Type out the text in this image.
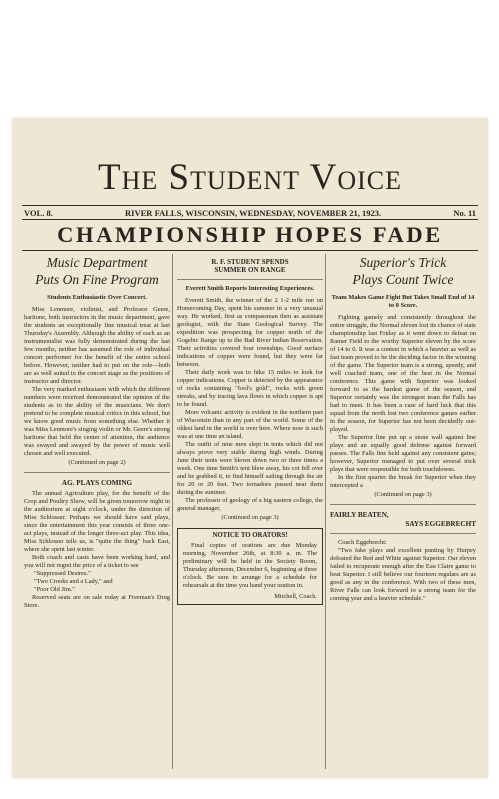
The Student Voice
VOL. 8.	RIVER FALLS, WISCONSIN, WEDNESDAY, NOVEMBER 21, 1923.	No. 11
CHAMPIONSHIP HOPES FADE
Music Department
Puts On Fine Program
Students Enthusiastic Over Concert.

Miss Lenmore, violinist, and Professor Geere, baritone, both instructors in the music department, gave the students an exceptionally fine musical treat at last Thursday's Assembly. Although the ability of each as an instrumentalist was fully demonstrated during the last few months, neither has assumed the role of individual concert performer for the benefit of the entire school before. However, neither had to put on the role—both are as well suited to the concert stage as the positions of instructor and director.

The very marked enthusiasm with which the different numbers were received demonstrated the opinion of the students as to the ability of the musicians. We don't pretend to be complete musical critics in this school, but we know good music from something else. Whether it was Miss Lenmore's singing violin or Mr. Geere's strong baritone that held the center of attention, the audience was swayed and awayed by the power of music well chosen and well executed.

(Continued on page 2)
AG. PLAYS COMING

The annual Agriculture play, for the benefit of the Crop and Poultry Show, will be given tomorrow night in the auditorium at eight o'clock, under the direction of Miss Schlosser. Perhaps we should have said plays, since the entertainment this year consists of three one-act plays, instead of the longer three-act play. This idea, Miss Schlosser tells us, is "quite the thing" back East, where she spent last winter.

Both coach and casts have been working hard, and you will not regret the price of a ticket to see

"Suppressed Desires."

"Two Crooks and a Lady," and

"Poor Old Jim."

Reserved seats are on sale today at Freeman's Drug Store.

R. F. STUDENT SPENDS
SUMMER ON RANGE
Everett Smith Reports Interesting Experiences.

Everett Smith, the winner of the 2 1-2 mile run on Homecoming Day, spent his summer in a very unusual way. He worked, first as compassman then as assistant geologist, with the State Geological Survey. The expedition was prospecting for copper north of the Gogebic Range up to the Bad River Indian Reservation. Their activities covered four townships. Good surface indications of copper were found, but they were far between.

Their daily work was to hike 15 miles to look for copper indications. Copper is detected by the appearance of rocks containing "fool's gold", rocks with green streaks, and by tracing lava flows in which copper is apt to be found.

More volcanic activity is evident in the northern part of Wisconsin than in any part of the world. Some of the oldest land in the world is over here. Where now is such was at one time an island.

The outfit of nine men slept in tents which did not always prove very stable during high winds. During June their tents were blown down two or three times a week. One time Smith's tent blew away, his cot fell over and he grabbed it, to find himself sailing through the air for 20 or 20 feet. Two tornadoes passed near them during the summer.

The professor of geology of a big eastern college, the general manager,

(Continued on page 3)
NOTICE TO ORATORS!

Final copies of orations are due Monday morning, November 26th, at 8:30 a. m. The preliminary will be held in the Society Room, Thursday afternoon, December 6, beginning at three o'clock. Be sure to arrange for a schedule for rehearsals at the time you hand your oration in.

Mitchell, Coach.
Superior's Trick
Plays Count Twice
Team Makes Game Fight But Takes Small End of 14 to 0 Score.

Fighting gamely and consistently throughout the entire struggle, the Normal eleven lost its chance of state championship last Friday as it went down to defeat on Ramer Field to the worthy Superior eleven by the score of 14 to 0. It was a contest in which a heavier as well as fast team proved to be the deciding factor in the winning of the game. The Superior team is a strong, speedy, and well coached team, one of the best in the Normal conference. This game with Superior was looked forward to as the hardest game of the season, and Superior certainly was the strongest team the Falls has had to meet. It has been a case of hard luck that this squad from the north lost two conference games earlier in the season, for Superior has not been decidedly out-played.

The Superior line put up a stone wall against line plays and an equally good defense against forward passes. The Falls line held against any consistent gains; however, Superior managed to put over several trick plays that were responsible for both touchdowns.

In the first quarter the break for Superior when they intercepted a

(Continued on page 3)
FAIRLY BEATEN,
SAYS EGGEBRECHT

Coach Eggebrecht:

"Two fake plays and excellent punting by Hurpey defeated the Red and White against Superior. Our eleven failed to recuperate enough after the Eau Claire game to beat Superior. I still believe our fourteen regulars are as good as any in the conference. With two of these men, River Falls can look forward to a strong team for the coming year and a heavier schedule."
